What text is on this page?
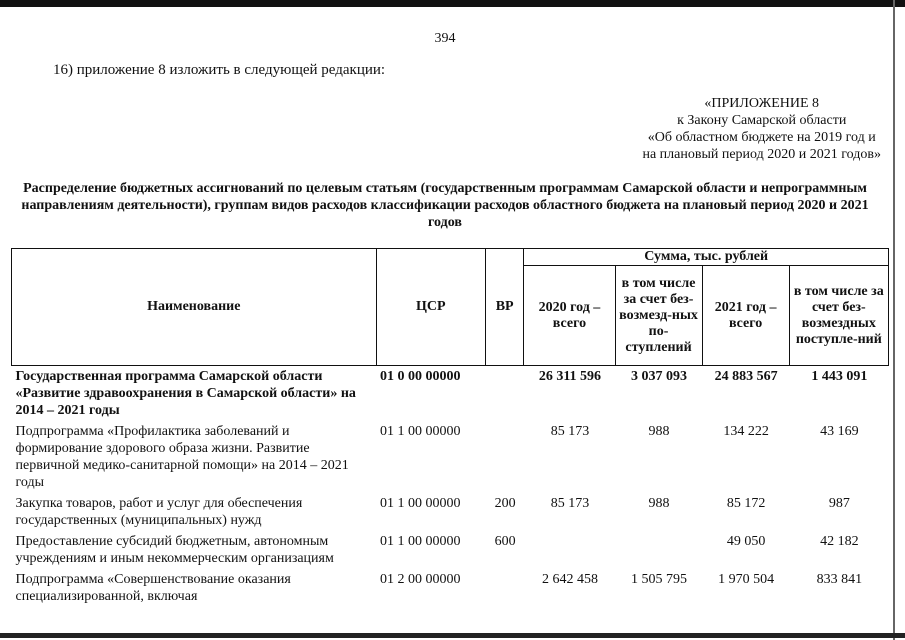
394
16) приложение 8 изложить в следующей редакции:
«ПРИЛОЖЕНИЕ 8
к Закону Самарской области
«Об областном бюджете на 2019 год и
на плановый период 2020 и 2021 годов»
Распределение бюджетных ассигнований по целевым статьям (государственным программам Самарской области и непрограммным направлениям деятельности), группам видов расходов классификации расходов областного бюджета на плановый период 2020 и 2021 годов
Наименование	ЦСР	ВР	Сумма, тыс. рублей			
			2020 год – всего	в том числе за счет без-возмезд-ных по-ступлений	2021 год – всего	в том числе за счет без-возмездных поступле-ний
Государственная программа Самарской области «Развитие здравоохранения в Самарской области» на 2014 – 2021 годы	01 0 00 00000		26 311 596	3 037 093	24 883 567	1 443 091
Подпрограмма «Профилактика заболеваний и формирование здорового образа жизни. Развитие первичной медико-санитарной помощи» на 2014 – 2021 годы	01 1 00 00000		85 173	988	134 222	43 169
Закупка товаров, работ и услуг для обеспечения государственных (муниципальных) нужд	01 1 00 00000	200	85 173	988	85 172	987
Предоставление субсидий бюджетным, автономным учреждениям и иным некоммерческим организациям	01 1 00 00000	600			49 050	42 182
Подпрограмма «Совершенствование оказания специализированной, включая	01 2 00 00000		2 642 458	1 505 795	1 970 504	833 841
